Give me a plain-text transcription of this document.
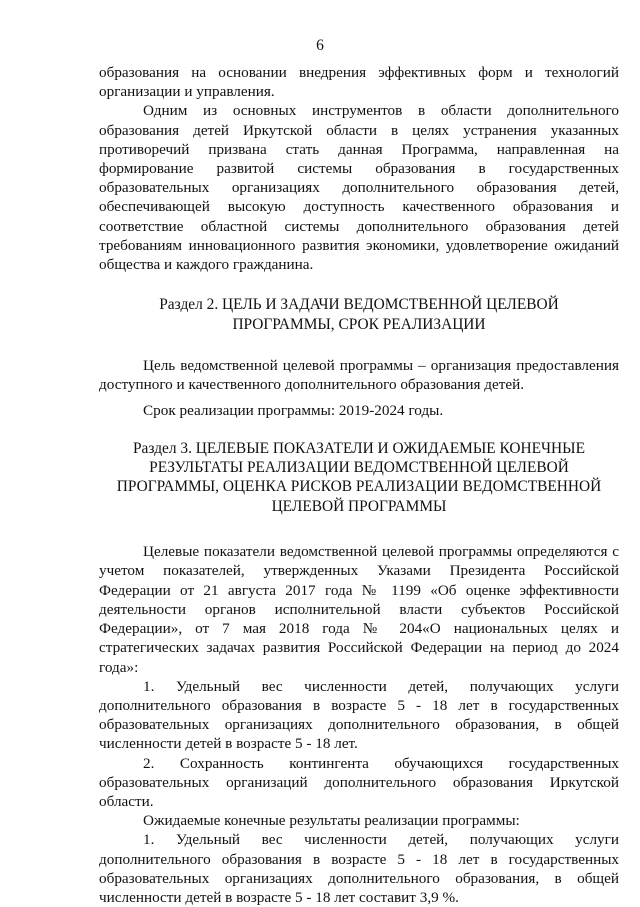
6

образования на основании внедрения эффективных форм и технологий

организации и управления.

Одним из основных инструментов в области дополнительного

образования детей Иркутской области в целях устранения указанных

противоречий призвана стать данная Программа, направленная на

формирование развитой системы образования в государственных

образовательных организациях дополнительного образования детей,

обеспечивающей высокую доступность качественного образования и

соответствие областной системы дополнительного образования детей

требованиям инновационного развития экономики, удовлетворение ожиданий

общества и каждого гражданина.

Раздел 2. ЦЕЛЬ И ЗАДАЧИ ВЕДОМСТВЕННОЙ ЦЕЛЕВОЙ

ПРОГРАММЫ, СРОК РЕАЛИЗАЦИИ

Цель ведомственной целевой программы – организация предоставления

доступного и качественного дополнительного образования детей.

Срок реализации программы: 2019-2024 годы.

Раздел 3. ЦЕЛЕВЫЕ ПОКАЗАТЕЛИ И ОЖИДАЕМЫЕ КОНЕЧНЫЕ

РЕЗУЛЬТАТЫ РЕАЛИЗАЦИИ ВЕДОМСТВЕННОЙ ЦЕЛЕВОЙ

ПРОГРАММЫ, ОЦЕНКА РИСКОВ РЕАЛИЗАЦИИ ВЕДОМСТВЕННОЙ

ЦЕЛЕВОЙ ПРОГРАММЫ

Целевые показатели ведомственной целевой программы определяются с

учетом показателей, утвержденных Указами Президента Российской

Федерации от 21 августа 2017 года № 1199 «Об оценке эффективности

деятельности органов исполнительной власти субъектов Российской

Федерации», от 7 мая 2018 года № 204«О национальных целях и

стратегических задачах развития Российской Федерации на период до 2024

года»:

1. Удельный вес численности детей, получающих услуги

дополнительного образования в возрасте 5 - 18 лет в государственных

образовательных организациях дополнительного образования, в общей

численности детей в возрасте 5 - 18 лет.

2. Сохранность контингента обучающихся государственных

образовательных организаций дополнительного образования Иркутской

области.

Ожидаемые конечные результаты реализации программы:

1. Удельный вес численности детей, получающих услуги

дополнительного образования в возрасте 5 - 18 лет в государственных

образовательных организациях дополнительного образования, в общей

численности детей в возрасте 5 - 18 лет составит 3,9 %.
